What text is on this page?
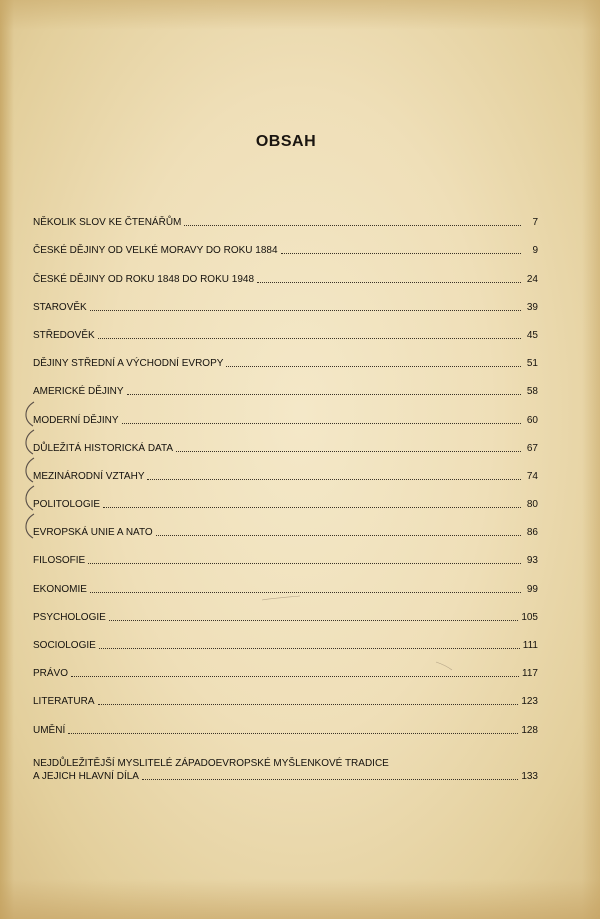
OBSAH
NĚKOLIK SLOV KE ČTENÁŘŮM	7
ČESKÉ DĚJINY OD VELKÉ MORAVY DO ROKU 1884	9
ČESKÉ DĚJINY OD ROKU 1848 DO ROKU 1948	24
STAROVĚK	39
STŘEDOVĚK	45
DĚJINY STŘEDNÍ A VÝCHODNÍ EVROPY	51
AMERICKÉ DĚJINY	58
MODERNÍ DĚJINY	60
DŮLEŽITÁ HISTORICKÁ DATA	67
MEZINÁRODNÍ VZTAHY	74
POLITOLOGIE	80
EVROPSKÁ UNIE A NATO	86
FILOSOFIE	93
EKONOMIE	99
PSYCHOLOGIE	105
SOCIOLOGIE	111
PRÁVO	117
LITERATURA	123
UMĚNÍ	128
NEJDŮLEŽITĚJŠÍ MYSLITELÉ ZÁPADOEVROPSKÉ MYŠLENKOVÉ TRADICE
A JEJICH HLAVNÍ DÍLA	133
